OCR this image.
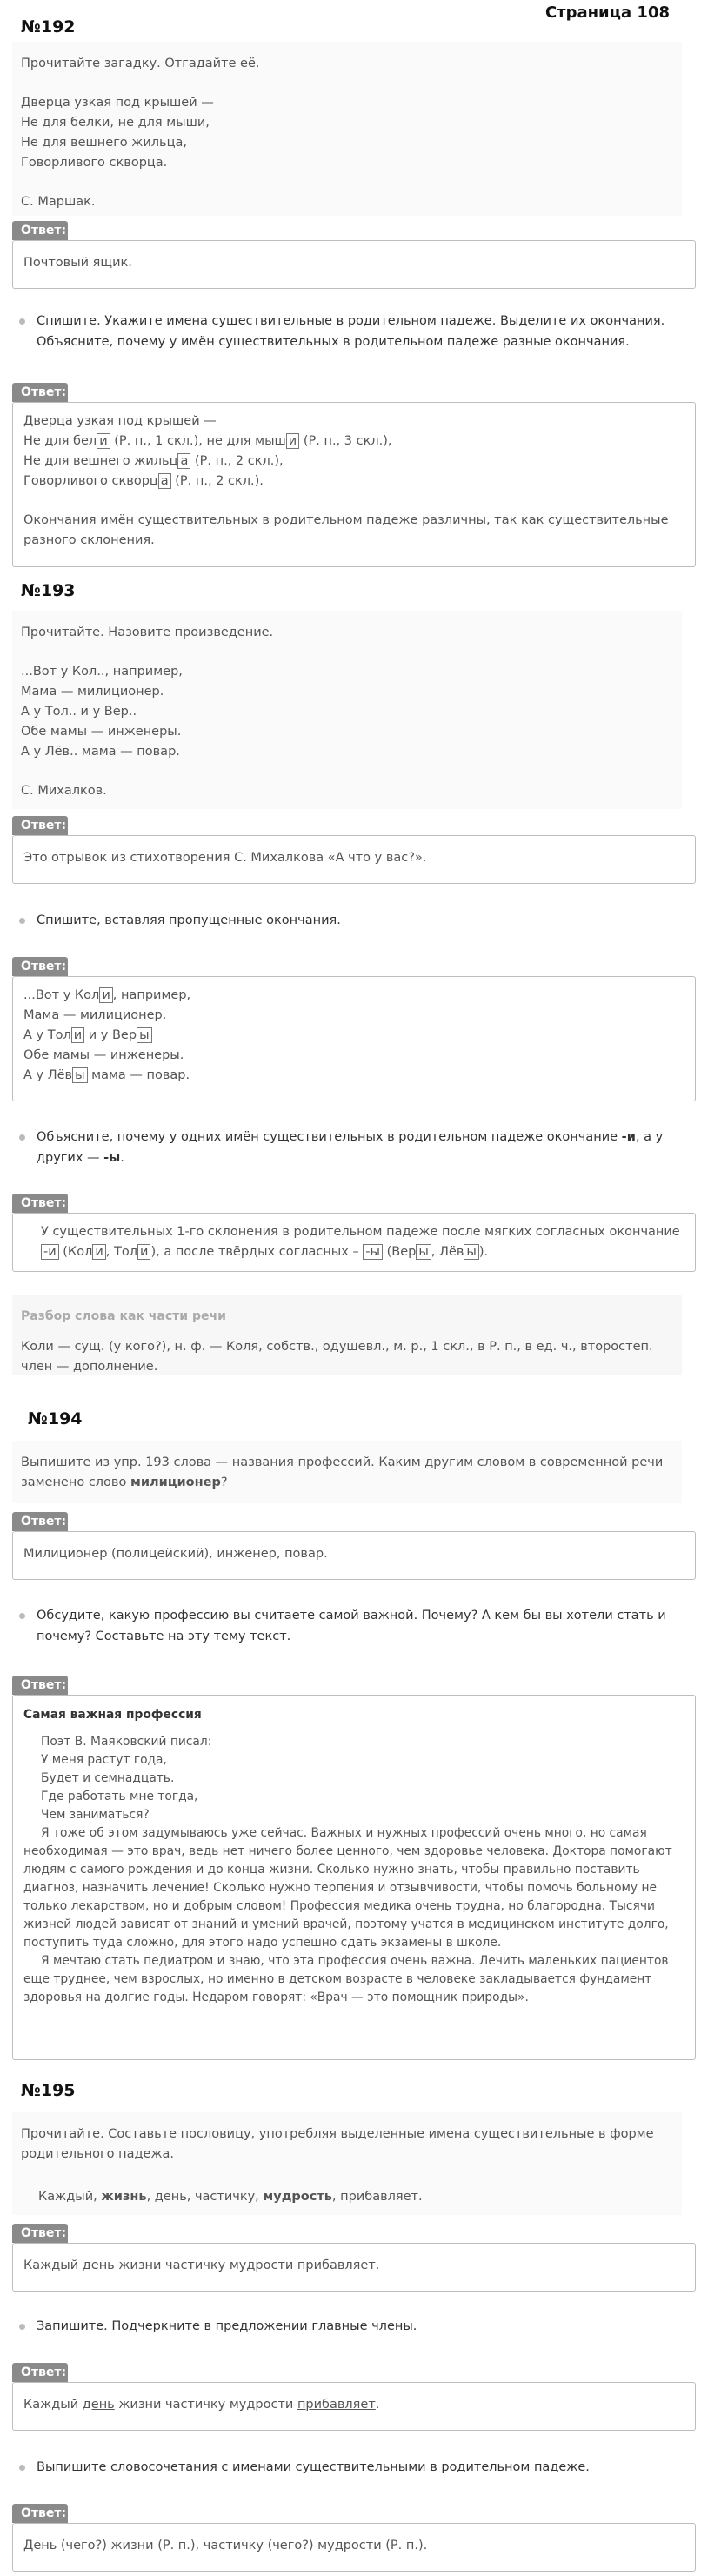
Страница 108
№192

Прочитайте загадку. Отгадайте её.

Дверца узкая под крышей —

Не для белки, не для мыши,

Не для вешнего жильца,

Говорливого скворца.

С. Маршак.

Ответ:

Почтовый ящик.

Спишите. Укажите имена существительные в родительном падеже. Выделите их окончания. Объясните, почему у имён существительных в родительном падеже разные окончания.
Ответ:

Дверца узкая под крышей —

Не для бел и (Р. п., 1 скл.), не для мыш и (Р. п., 3 скл.),

Не для вешнего жильц а (Р. п., 2 скл.),

Говорливого скворц а (Р. п., 2 скл.).

Окончания имён существительных в родительном падеже различны, так как существительные разного склонения.

№193

Прочитайте. Назовите произведение.

...Вот у Кол.., например,

Мама — милиционер.

А у Тол.. и у Вер..

Обе мамы — инженеры.

А у Лёв.. мама — повар.

С. Михалков.

Ответ:

Это отрывок из стихотворения С. Михалкова «А что у вас?».

Спишите, вставляя пропущенные окончания.
Ответ:

...Вот у Кол и , например,

Мама — милиционер.

А у Тол и и у Вер ы

Обе мамы — инженеры.

А у Лёв ы мама — повар.

Объясните, почему у одних имён существительных в родительном падеже окончание -и, а у других — -ы.
Ответ:

У существительных 1-го склонения в родительном падеже после мягких согласных окончание -и (Кол и , Тол и ), а после твёрдых согласных – -ы (Вер ы , Лёв ы ).

Разбор слова как части речи

Коли — сущ. (у кого?), н. ф. — Коля, собств., одушевл., м. р., 1 скл., в Р. п., в ед. ч., второстеп. член — дополнение.

№194

Выпишите из упр. 193 слова — названия профессий. Каким другим словом в современной речи заменено слово милиционер?

Ответ:

Милиционер (полицейский), инженер, повар.

Обсудите, какую профессию вы считаете самой важной. Почему? А кем бы вы хотели стать и почему? Составьте на эту тему текст.
Ответ:

Самая важная профессия

Поэт В. Маяковский писал:

У меня растут года,

Будет и семнадцать.

Где работать мне тогда,

Чем заниматься?

Я тоже об этом задумываюсь уже сейчас. Важных и нужных профессий очень много, но самая необходимая — это врач, ведь нет ничего более ценного, чем здоровье человека. Доктора помогают людям с самого рождения и до конца жизни. Сколько нужно знать, чтобы правильно поставить диагноз, назначить лечение! Сколько нужно терпения и отзывчивости, чтобы помочь больному не только лекарством, но и добрым словом! Профессия медика очень трудна, но благородна. Тысячи жизней людей зависят от знаний и умений врачей, поэтому учатся в медицинском институте долго, поступить туда сложно, для этого надо успешно сдать экзамены в школе.

Я мечтаю стать педиатром и знаю, что эта профессия очень важна. Лечить маленьких пациентов еще труднее, чем взрослых, но именно в детском возрасте в человеке закладывается фундамент здоровья на долгие годы. Недаром говорят: «Врач — это помощник природы».

№195

Прочитайте. Составьте пословицу, употребляя выделенные имена существительные в форме родительного падежа.

Каждый, жизнь, день, частичку, мудрость, прибавляет.

Ответ:

Каждый день жизни частичку мудрости прибавляет.

Запишите. Подчеркните в предложении главные члены.
Ответ:

Каждый день жизни частичку мудрости прибавляет.

Выпишите словосочетания с именами существительными в родительном падеже.
Ответ:

День (чего?) жизни (Р. п.), частичку (чего?) мудрости (Р. п.).
